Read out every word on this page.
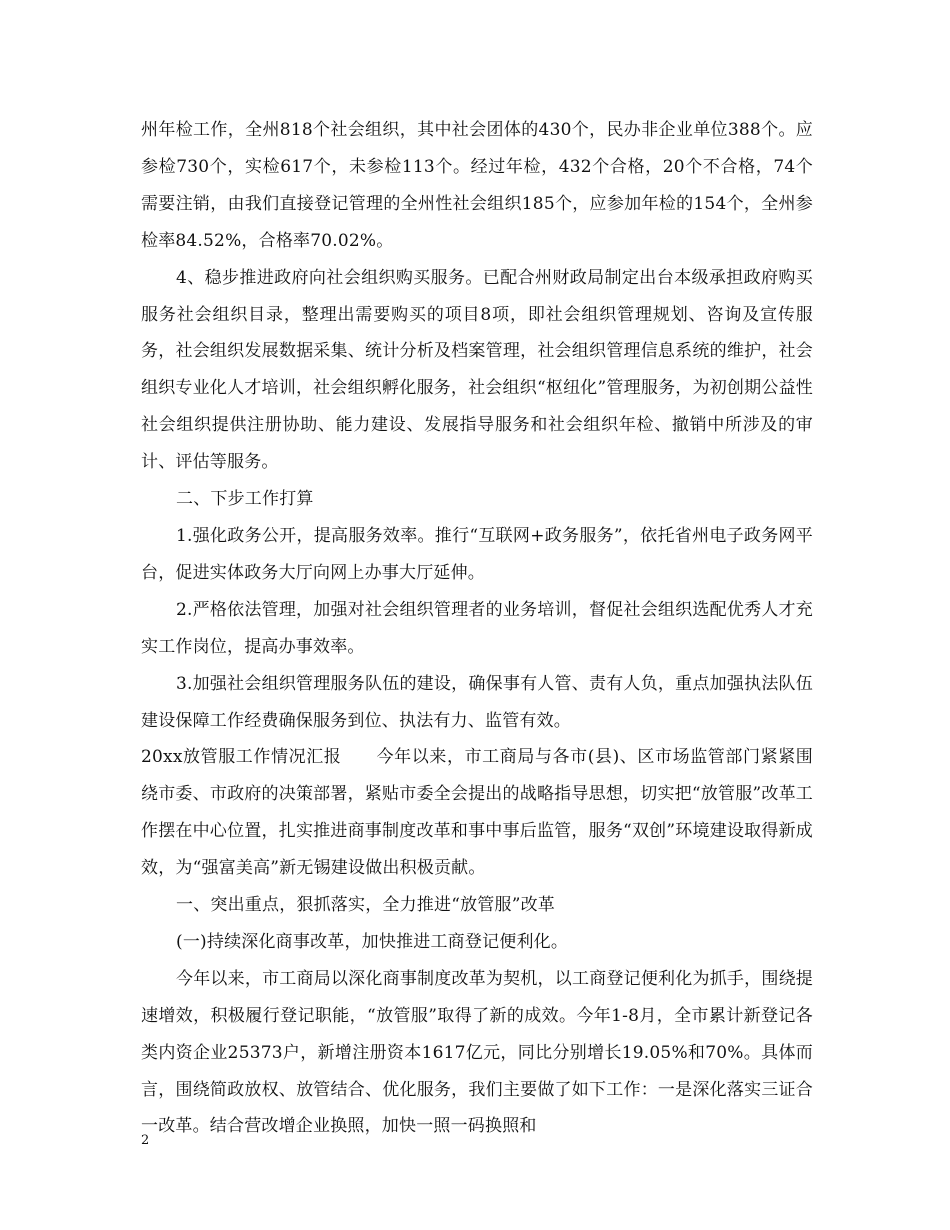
州年检工作，全州818个社会组织，其中社会团体的430个，民办非企业单位388个。应参检730个，实检617个，未参检113个。经过年检，432个合格，20个不合格，74个需要注销，由我们直接登记管理的全州性社会组织185个，应参加年检的154个，全州参检率84.52%，合格率70.02%。

4、稳步推进政府向社会组织购买服务。已配合州财政局制定出台本级承担政府购买服务社会组织目录，整理出需要购买的项目8项，即社会组织管理规划、咨询及宣传服务，社会组织发展数据采集、统计分析及档案管理，社会组织管理信息系统的维护，社会组织专业化人才培训，社会组织孵化服务，社会组织“枢纽化”管理服务，为初创期公益性社会组织提供注册协助、能力建设、发展指导服务和社会组织年检、撤销中所涉及的审计、评估等服务。

二、下步工作打算

1.强化政务公开，提高服务效率。推行“互联网+政务服务”，依托省州电子政务网平台，促进实体政务大厅向网上办事大厅延伸。

2.严格依法管理，加强对社会组织管理者的业务培训，督促社会组织选配优秀人才充实工作岗位，提高办事效率。

3.加强社会组织管理服务队伍的建设，确保事有人管、责有人负，重点加强执法队伍建设保障工作经费确保服务到位、执法有力、监管有效。

20xx放管服工作情况汇报　　今年以来，市工商局与各市(县)、区市场监管部门紧紧围绕市委、市政府的决策部署，紧贴市委全会提出的战略指导思想，切实把“放管服”改革工作摆在中心位置，扎实推进商事制度改革和事中事后监管，服务“双创”环境建设取得新成效，为“强富美高”新无锡建设做出积极贡献。

一、突出重点，狠抓落实，全力推进“放管服”改革

(一)持续深化商事改革，加快推进工商登记便利化。

今年以来，市工商局以深化商事制度改革为契机，以工商登记便利化为抓手，围绕提速增效，积极履行登记职能，“放管服”取得了新的成效。今年1-8月，全市累计新登记各类内资企业25373户，新增注册资本1617亿元，同比分别增长19.05%和70%。具体而言，围绕简政放权、放管结合、优化服务，我们主要做了如下工作：一是深化落实三证合一改革。结合营改增企业换照，加快一照一码换照和

2
